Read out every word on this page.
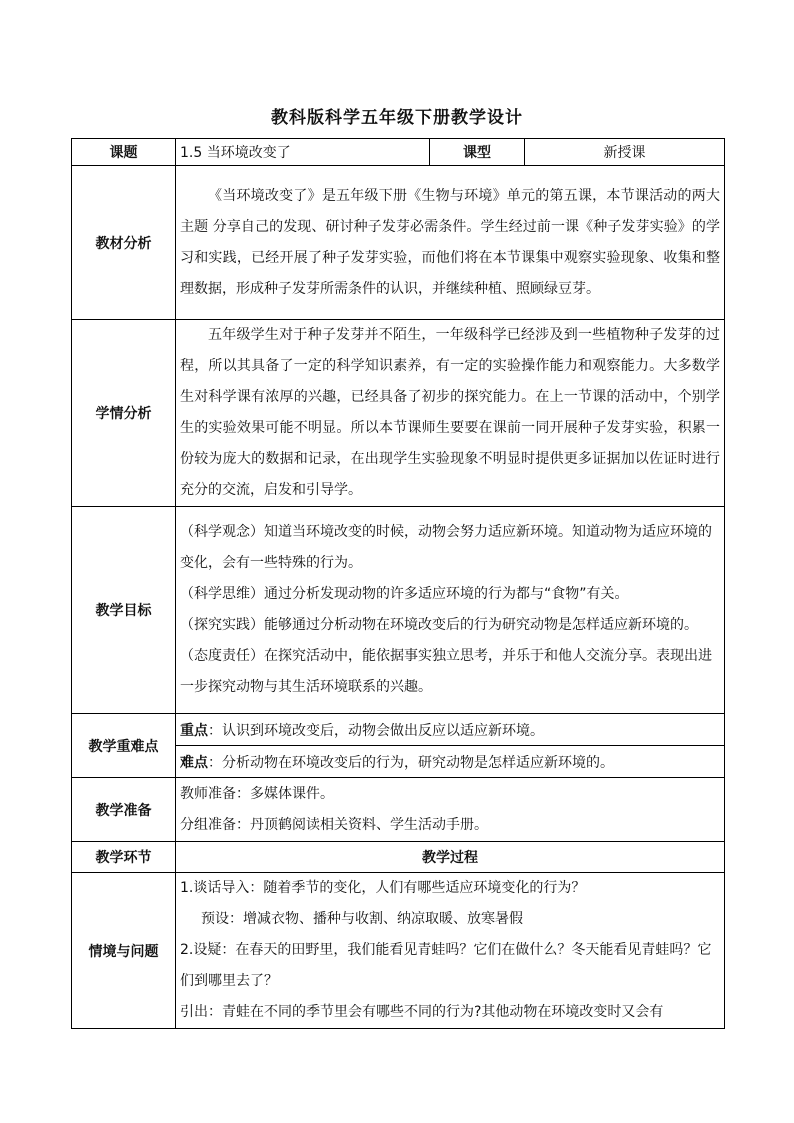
教科版科学五年级下册教学设计
课题	1.5 当环境改变了	课型	新授课
教材分析	《当环境改变了》是五年级下册《生物与环境》单元的第五课，本节课活动的两大主题 分享自己的发现、研讨种子发芽必需条件。学生经过前一课《种子发芽实验》的学习和实践，已经开展了种子发芽实验，而他们将在本节课集中观察实验现象、收集和整理数据，形成种子发芽所需条件的认识，并继续种植、照顾绿豆芽。		

学情分析	五年级学生对于种子发芽并不陌生，一年级科学已经涉及到一些植物种子发芽的过程，所以其具备了一定的科学知识素养，有一定的实验操作能力和观察能力。大多数学生对科学课有浓厚的兴趣，已经具备了初步的探究能力。在上一节课的活动中，个别学生的实验效果可能不明显。所以本节课师生要要在课前一同开展种子发芽实验，积累一份较为庞大的数据和记录，在出现学生实验现象不明显时提供更多证据加以佐证时进行充分的交流，启发和引导学。		

教学目标	（科学观念）知道当环境改变的时候，动物会努力适应新环境。知道动物为适应环境的变化，会有一些特殊的行为。
（科学思维）通过分析发现动物的许多适应环境的行为都与“食物”有关。
（探究实践）能够通过分析动物在环境改变后的行为研究动物是怎样适应新环境的。
（态度责任）在探究活动中，能依据事实独立思考，并乐于和他人交流分享。表现出进一步探究动物与其生活环境联系的兴趣。		

教学重难点	重点：认识到环境改变后，动物会做出反应以适应新环境。		
	难点：分析动物在环境改变后的行为，研究动物是怎样适应新环境的。		
教学准备	教师准备：多媒体课件。
分组准备：丹顶鹤阅读相关资料、学生活动手册。		

教学环节	教学过程		
情境与问题	1.谈话导入：随着季节的变化，人们有哪些适应环境变化的行为？
预设：增减衣物、播种与收割、纳凉取暖、放寒暑假
2.设疑：在春天的田野里，我们能看见青蛙吗？它们在做什么？冬天能看见青蛙吗？它们到哪里去了？
引出：青蛙在不同的季节里会有哪些不同的行为?其他动物在环境改变时又会有		
